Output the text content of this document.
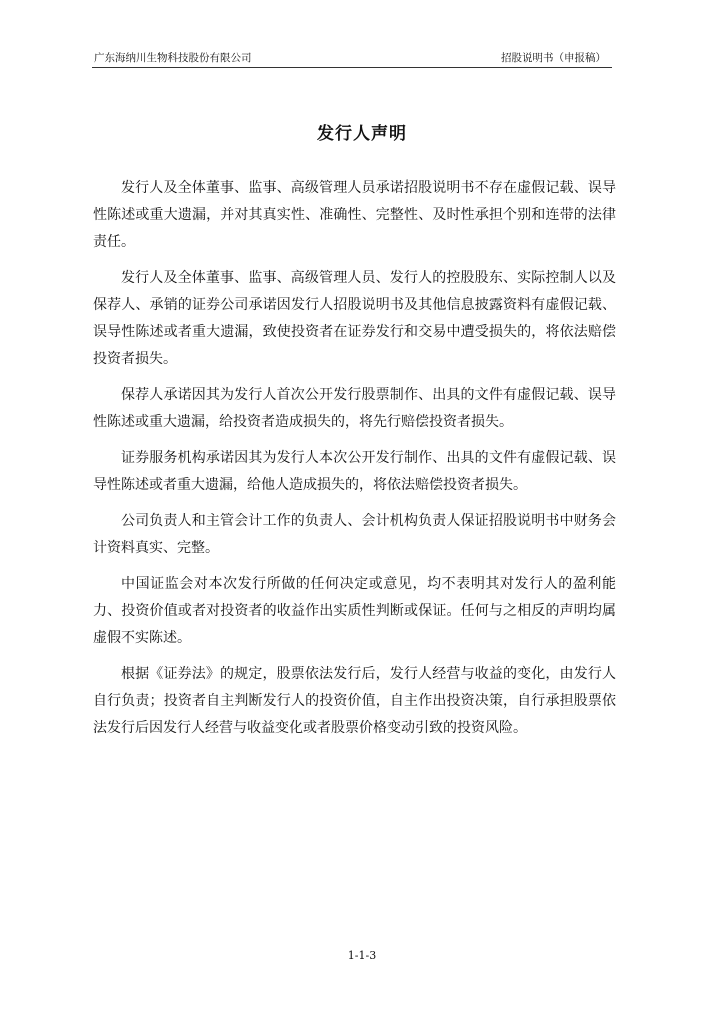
广东海纳川生物科技股份有限公司	招股说明书（申报稿）
发行人声明

发行人及全体董事、监事、高级管理人员承诺招股说明书不存在虚假记载、误导性陈述或重大遗漏，并对其真实性、准确性、完整性、及时性承担个别和连带的法律责任。

发行人及全体董事、监事、高级管理人员、发行人的控股股东、实际控制人以及保荐人、承销的证券公司承诺因发行人招股说明书及其他信息披露资料有虚假记载、误导性陈述或者重大遗漏，致使投资者在证券发行和交易中遭受损失的，将依法赔偿投资者损失。

保荐人承诺因其为发行人首次公开发行股票制作、出具的文件有虚假记载、误导性陈述或重大遗漏，给投资者造成损失的，将先行赔偿投资者损失。

证券服务机构承诺因其为发行人本次公开发行制作、出具的文件有虚假记载、误导性陈述或者重大遗漏，给他人造成损失的，将依法赔偿投资者损失。

公司负责人和主管会计工作的负责人、会计机构负责人保证招股说明书中财务会计资料真实、完整。

中国证监会对本次发行所做的任何决定或意见，均不表明其对发行人的盈利能力、投资价值或者对投资者的收益作出实质性判断或保证。任何与之相反的声明均属虚假不实陈述。

根据《证券法》的规定，股票依法发行后，发行人经营与收益的变化，由发行人自行负责；投资者自主判断发行人的投资价值，自主作出投资决策，自行承担股票依法发行后因发行人经营与收益变化或者股票价格变动引致的投资风险。

1-1-3
